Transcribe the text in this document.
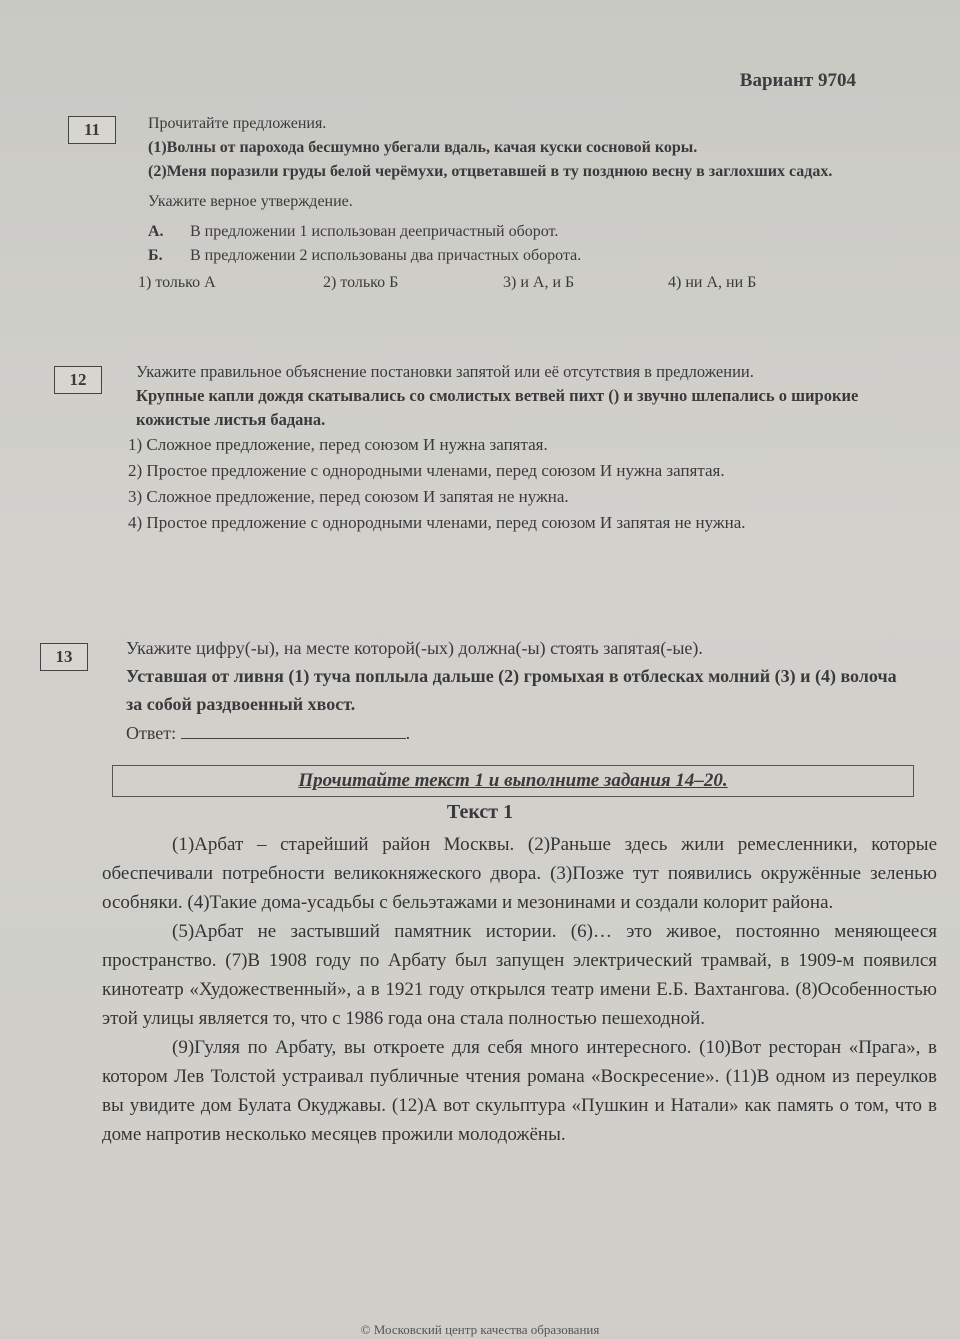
Вариант 9704
11	Прочитайте предложения.
(1)Волны от парохода бесшумно убегали вдаль, качая куски сосновой коры.
(2)Меня поразили груды белой черёмухи, отцветавшей в ту позднюю весну в заглохших садах.
Укажите верное утверждение.
А. В предложении 1 использован деепричастный оборот.
Б. В предложении 2 использованы два причастных оборота.
1) только А	2) только Б	3) и А, и Б	4) ни А, ни Б
12	Укажите правильное объяснение постановки запятой или её отсутствия в предложении.
Крупные капли дождя скатывались со смолистых ветвей пихт () и звучно шлепались о широкие кожистые листья бадана.
1) Сложное предложение, перед союзом И нужна запятая.
2) Простое предложение с однородными членами, перед союзом И нужна запятая.
3) Сложное предложение, перед союзом И запятая не нужна.
4) Простое предложение с однородными членами, перед союзом И запятая не нужна.
13	Укажите цифру(-ы), на месте которой(-ых) должна(-ы) стоять запятая(-ые).
Уставшая от ливня (1) туча поплыла дальше (2) громыхая в отблесках молний (3) и (4) волоча за собой раздвоенный хвост.
Ответ:	.
Прочитайте текст 1 и выполните задания 14–20.
Текст 1

(1)Арбат – старейший район Москвы. (2)Раньше здесь жили ремесленники, которые обеспечивали потребности великокняжеского двора. (3)Позже тут появились окружённые зеленью особняки. (4)Такие дома-усадьбы с бельэтажами и мезонинами и создали колорит района.

(5)Арбат не застывший памятник истории. (6)… это живое, постоянно меняющееся пространство. (7)В 1908 году по Арбату был запущен электрический трамвай, в 1909-м появился кинотеатр «Художественный», а в 1921 году открылся театр имени Е.Б. Вахтангова. (8)Особенностью этой улицы является то, что с 1986 года она стала полностью пешеходной.

(9)Гуляя по Арбату, вы откроете для себя много интересного. (10)Вот ресторан «Прага», в котором Лев Толстой устраивал публичные чтения романа «Воскресение». (11)В одном из переулков вы увидите дом Булата Окуджавы. (12)А вот скульптура «Пушкин и Натали» как память о том, что в доме напротив несколько месяцев прожили молодожёны.

© Московский центр качества образования
